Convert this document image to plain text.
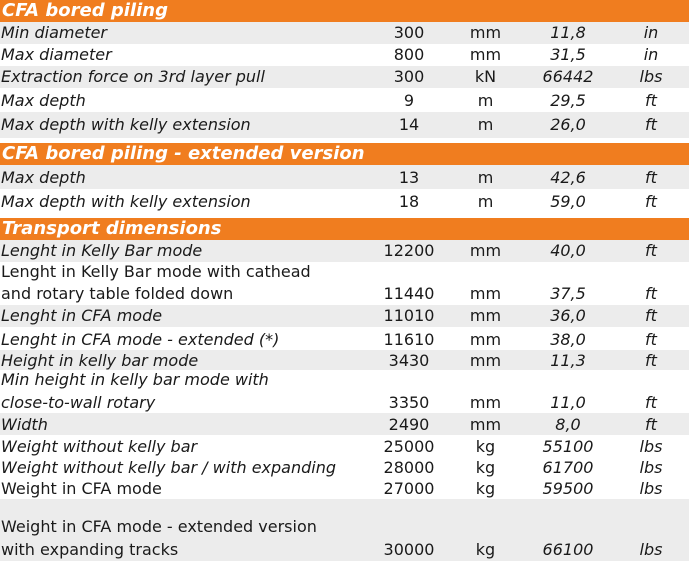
CFA bored piling
Min diameter	300	mm	11,8	in
Max diameter	800	mm	31,5	in
Extraction force on 3rd layer pull	300	kN	66442	lbs
Max depth	9	m	29,5	ft
Max depth with kelly extension	14	m	26,0	ft
CFA bored piling - extended version
Max depth	13	m	42,6	ft
Max depth with kelly extension	18	m	59,0	ft
Transport dimensions
Lenght in Kelly Bar mode	12200	mm	40,0	ft
Lenght in Kelly Bar mode with cathead
and rotary table folded down	11440	mm	37,5	ft
Lenght in CFA mode	11010	mm	36,0	ft
Lenght in CFA mode - extended (*)	11610	mm	38,0	ft
Height in kelly bar mode	3430	mm	11,3	ft
Min height in kelly bar mode with
close-to-wall rotary	3350	mm	11,0	ft
Width	2490	mm	8,0	ft
Weight without kelly bar	25000	kg	55100	lbs
Weight without kelly bar / with expanding	28000	kg	61700	lbs
Weight in CFA mode	27000	kg	59500	lbs
Weight in CFA mode - extended version
with expanding tracks	30000	kg	66100	lbs
